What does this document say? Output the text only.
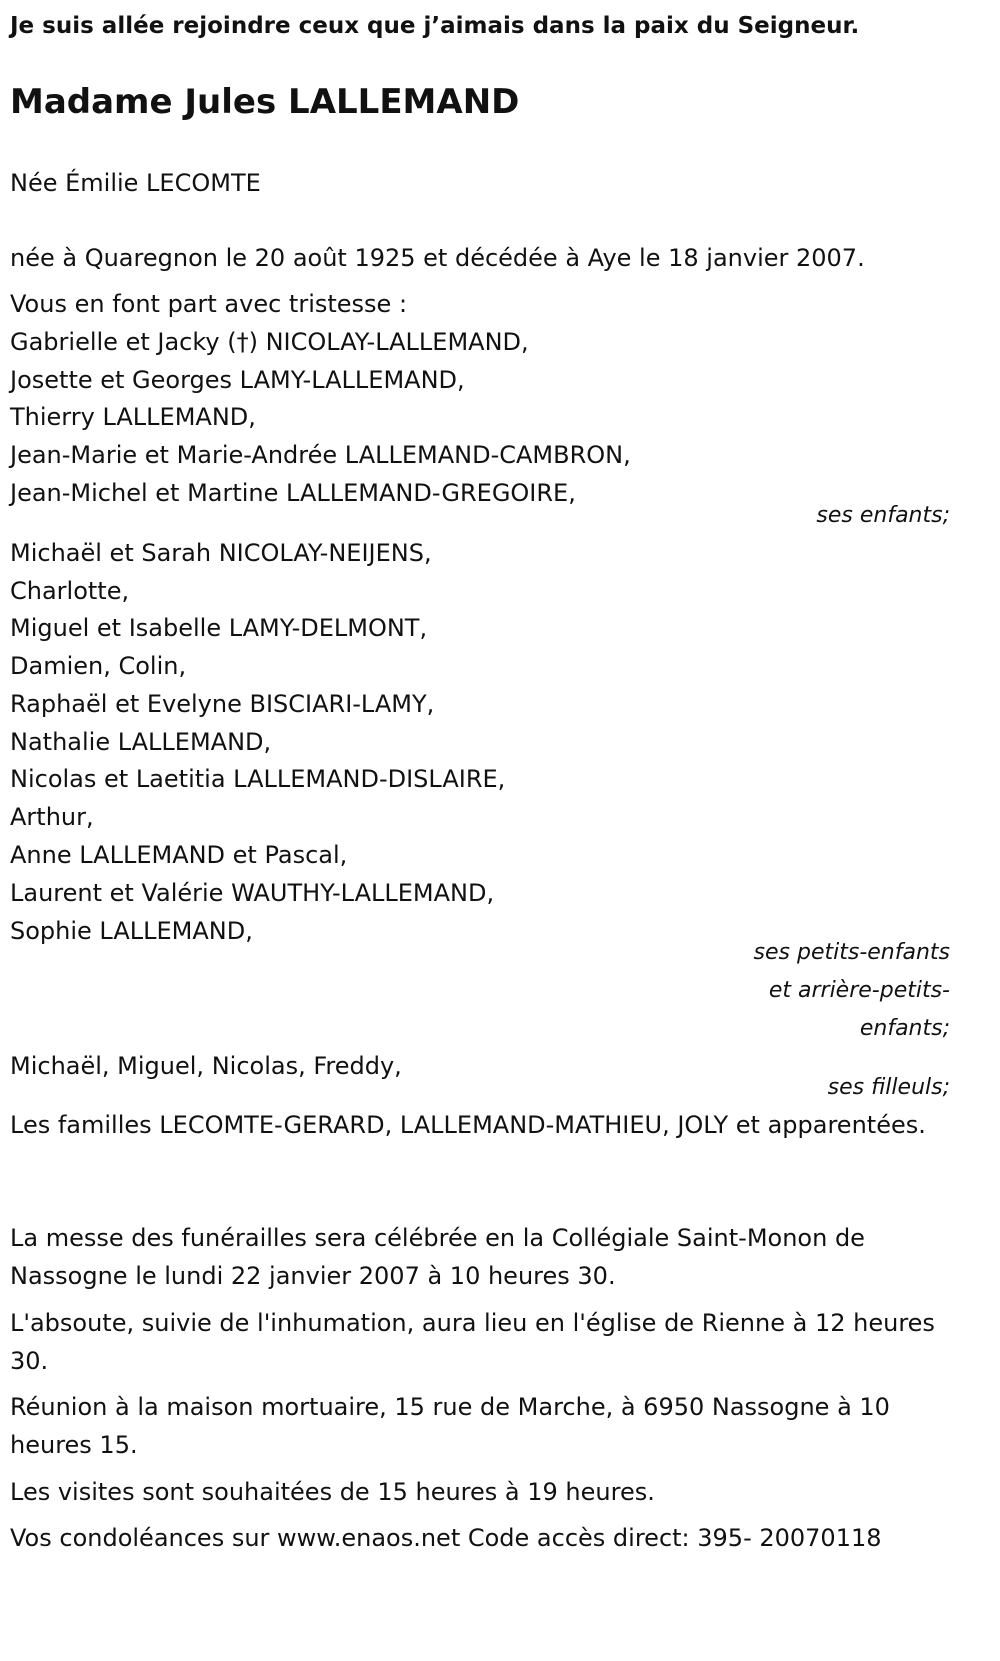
Je suis allée rejoindre ceux que j’aimais dans la paix du Seigneur.
Madame Jules LALLEMAND
Née Émilie LECOMTE
née à Quaregnon le 20 août 1925 et décédée à Aye le 18 janvier 2007.
Vous en font part avec tristesse :
Gabrielle et Jacky (†) NICOLAY-LALLEMAND,
Josette et Georges LAMY-LALLEMAND,
Thierry LALLEMAND,
Jean-Marie et Marie-Andrée LALLEMAND-CAMBRON,
Jean-Michel et Martine LALLEMAND-GREGOIRE,
ses enfants;
Michaël et Sarah NICOLAY-NEIJENS,
Charlotte,
Miguel et Isabelle LAMY-DELMONT,
Damien, Colin,
Raphaël et Evelyne BISCIARI-LAMY,
Nathalie LALLEMAND,
Nicolas et Laetitia LALLEMAND-DISLAIRE,
Arthur,
Anne LALLEMAND et Pascal,
Laurent et Valérie WAUTHY-LALLEMAND,
Sophie LALLEMAND,
ses petits-enfants
et arrière-petits-
enfants;
Michaël, Miguel, Nicolas, Freddy,
ses filleuls;
Les familles LECOMTE-GERARD, LALLEMAND-MATHIEU, JOLY et apparentées.
La messe des funérailles sera célébrée en la Collégiale Saint-Monon de Nassogne le lundi 22 janvier 2007 à 10 heures 30.
L'absoute, suivie de l'inhumation, aura lieu en l'église de Rienne à 12 heures 30.
Réunion à la maison mortuaire, 15 rue de Marche, à 6950 Nassogne à 10 heures 15.
Les visites sont souhaitées de 15 heures à 19 heures.
Vos condoléances sur www.enaos.net Code accès direct: 395- 20070118
